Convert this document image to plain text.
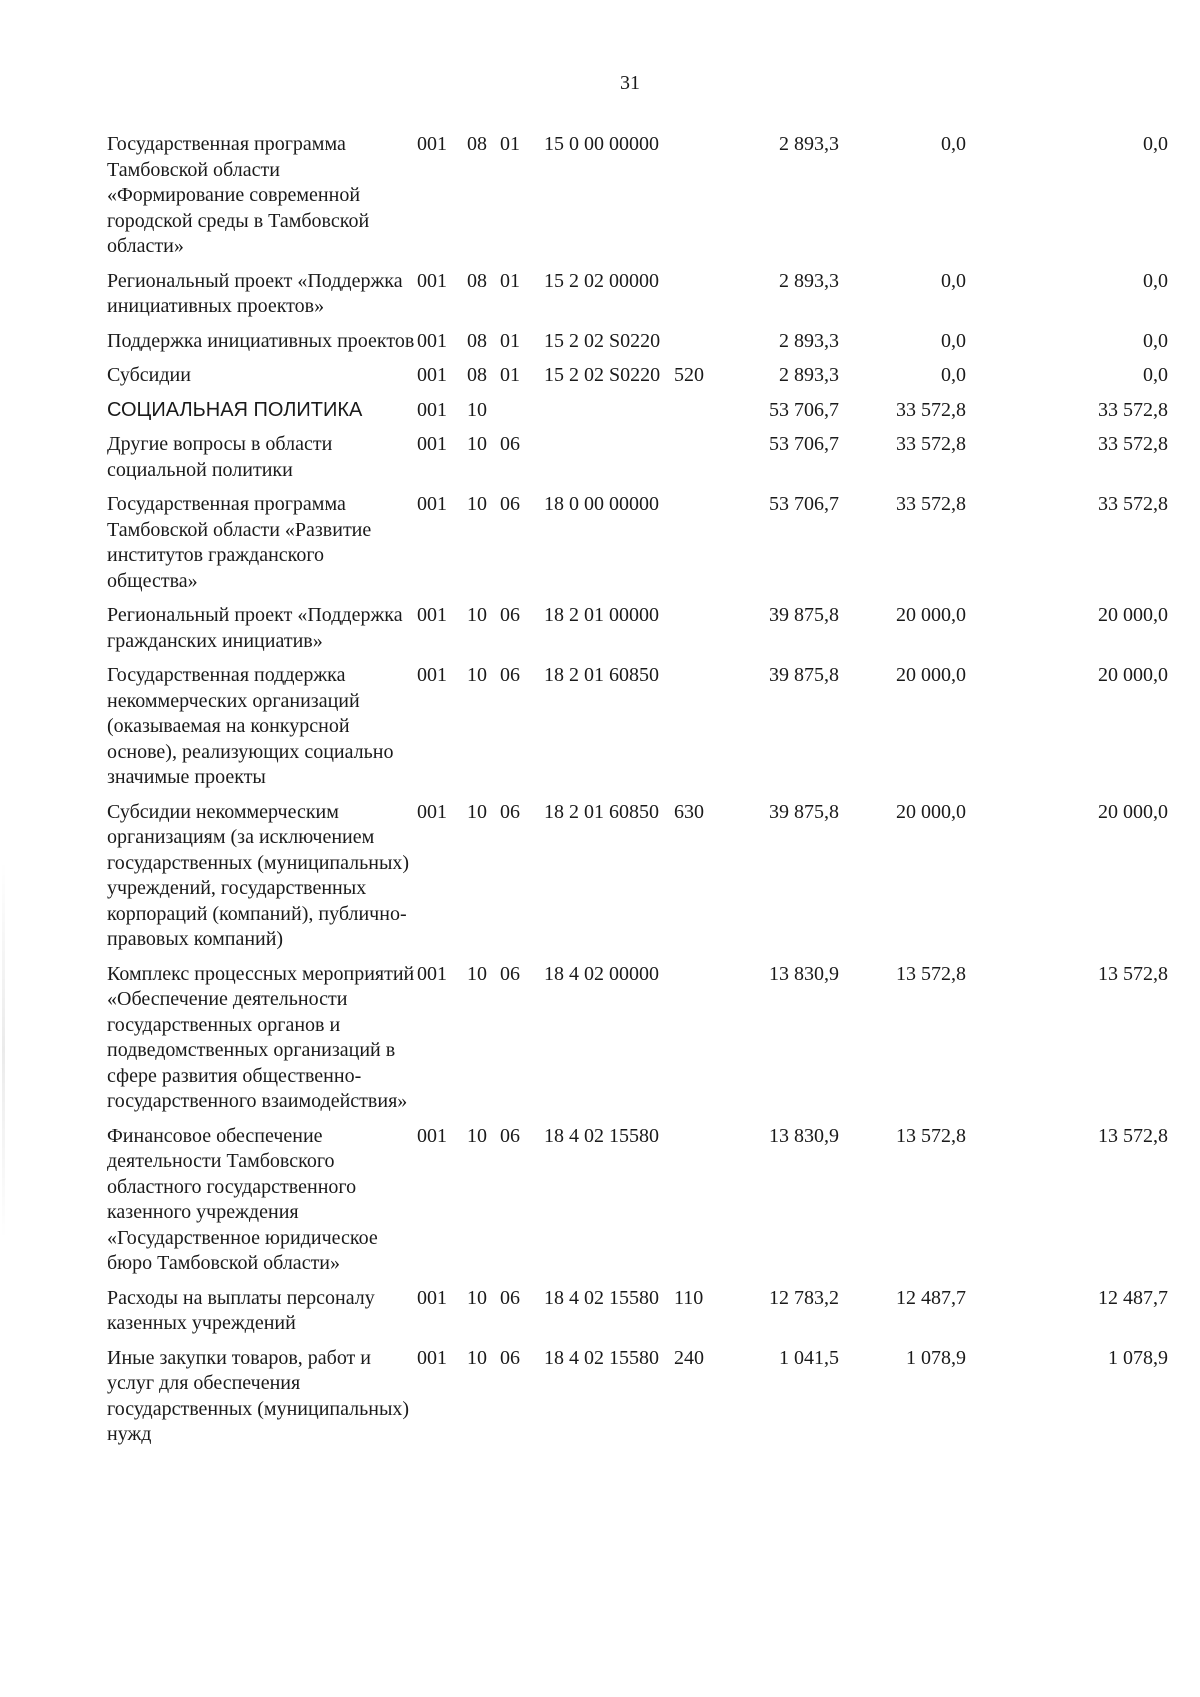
31
Государственная программа Тамбовской области «Формирование современной городской среды в Тамбовской области»	001	08	01	15 0 00 00000		2 893,3	0,0	0,0
Региональный проект «Поддержка инициативных проектов»	001	08	01	15 2 02 00000		2 893,3	0,0	0,0
Поддержка инициативных проектов	001	08	01	15 2 02 S0220		2 893,3	0,0	0,0
Субсидии	001	08	01	15 2 02 S0220	520	2 893,3	0,0	0,0
СОЦИАЛЬНАЯ ПОЛИТИКА	001	10				53 706,7	33 572,8	33 572,8
Другие вопросы в области социальной политики	001	10	06			53 706,7	33 572,8	33 572,8
Государственная программа Тамбовской области «Развитие институтов гражданского общества»	001	10	06	18 0 00 00000		53 706,7	33 572,8	33 572,8
Региональный проект «Поддержка гражданских инициатив»	001	10	06	18 2 01 00000		39 875,8	20 000,0	20 000,0
Государственная поддержка некоммерческих организаций (оказываемая на конкурсной основе), реализующих социально значимые проекты	001	10	06	18 2 01 60850		39 875,8	20 000,0	20 000,0
Субсидии некоммерческим организациям (за исключением государственных (муниципальных) учреждений, государственных корпораций (компаний), публично-правовых компаний)	001	10	06	18 2 01 60850	630	39 875,8	20 000,0	20 000,0
Комплекс процессных мероприятий «Обеспечение деятельности государственных органов и подведомственных организаций в сфере развития общественно-государственного взаимодействия»	001	10	06	18 4 02 00000		13 830,9	13 572,8	13 572,8
Финансовое обеспечение деятельности Тамбовского областного государственного казенного учреждения «Государственное юридическое бюро Тамбовской области»	001	10	06	18 4 02 15580		13 830,9	13 572,8	13 572,8
Расходы на выплаты персоналу казенных учреждений	001	10	06	18 4 02 15580	110	12 783,2	12 487,7	12 487,7
Иные закупки товаров, работ и услуг для обеспечения государственных (муниципальных) нужд	001	10	06	18 4 02 15580	240	1 041,5	1 078,9	1 078,9
